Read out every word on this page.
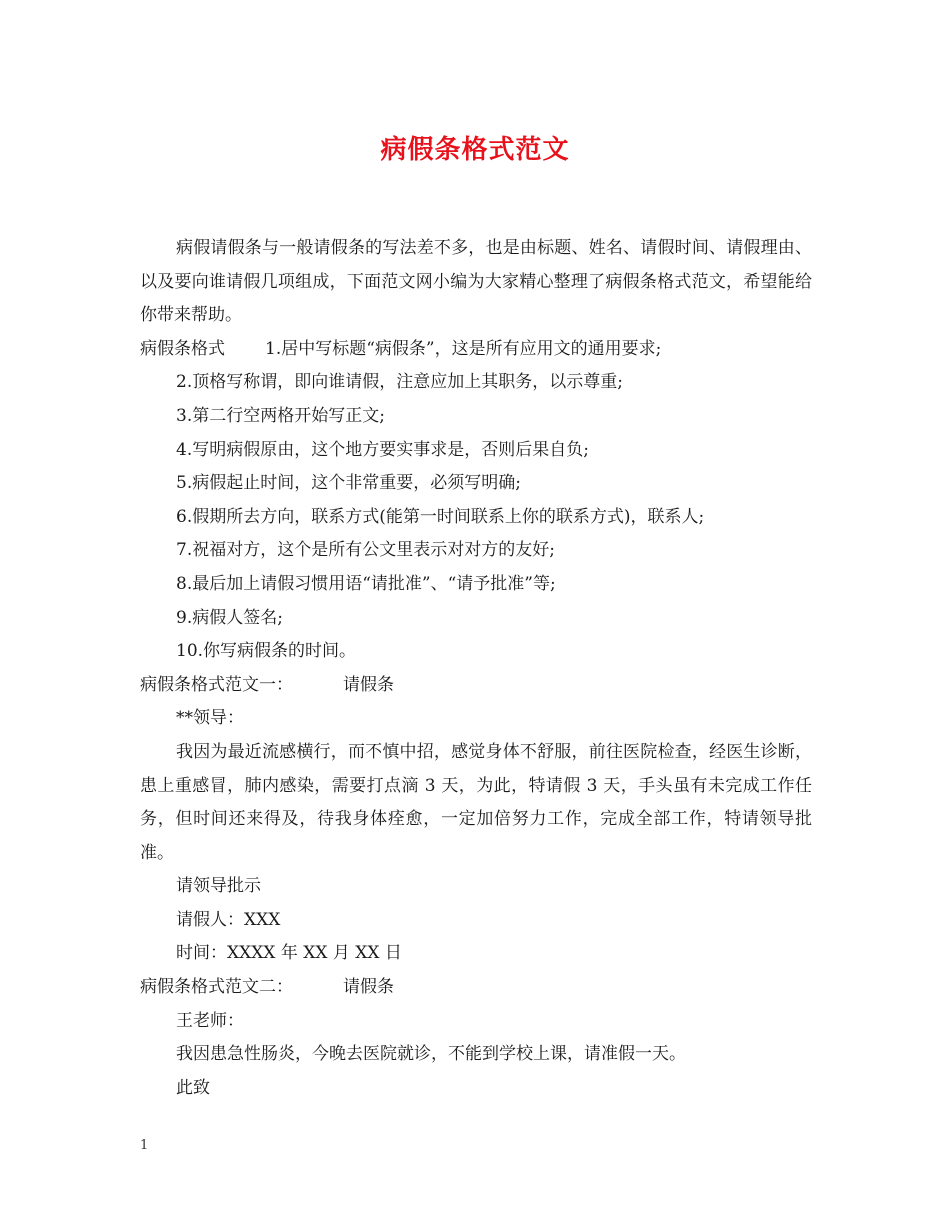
病假条格式范文

病假请假条与一般请假条的写法差不多，也是由标题、姓名、请假时间、请假理由、以及要向谁请假几项组成，下面范文网小编为大家精心整理了病假条格式范文，希望能给你带来帮助。

病假条格式 1.居中写标题“病假条”，这是所有应用文的通用要求;
2.顶格写称谓，即向谁请假，注意应加上其职务，以示尊重;
3.第二行空两格开始写正文;
4.写明病假原由，这个地方要实事求是，否则后果自负;
5.病假起止时间，这个非常重要，必须写明确;
6.假期所去方向，联系方式(能第一时间联系上你的联系方式)，联系人;
7.祝福对方，这个是所有公文里表示对对方的友好;
8.最后加上请假习惯用语“请批准”、“请予批准”等;
9.病假人签名;
10.你写病假条的时间。
病假条格式范文一：	请假条
**领导：

我因为最近流感横行，而不慎中招，感觉身体不舒服，前往医院检查，经医生诊断，患上重感冒，肺内感染，需要打点滴 3 天，为此，特请假 3 天，手头虽有未完成工作任务，但时间还来得及，待我身体痊愈，一定加倍努力工作，完成全部工作，特请领导批准。

请领导批示
请假人：XXX
时间：XXXX 年 XX 月 XX 日
病假条格式范文二：	请假条
王老师：
我因患急性肠炎，今晚去医院就诊，不能到学校上课，请准假一天。
此致
1
